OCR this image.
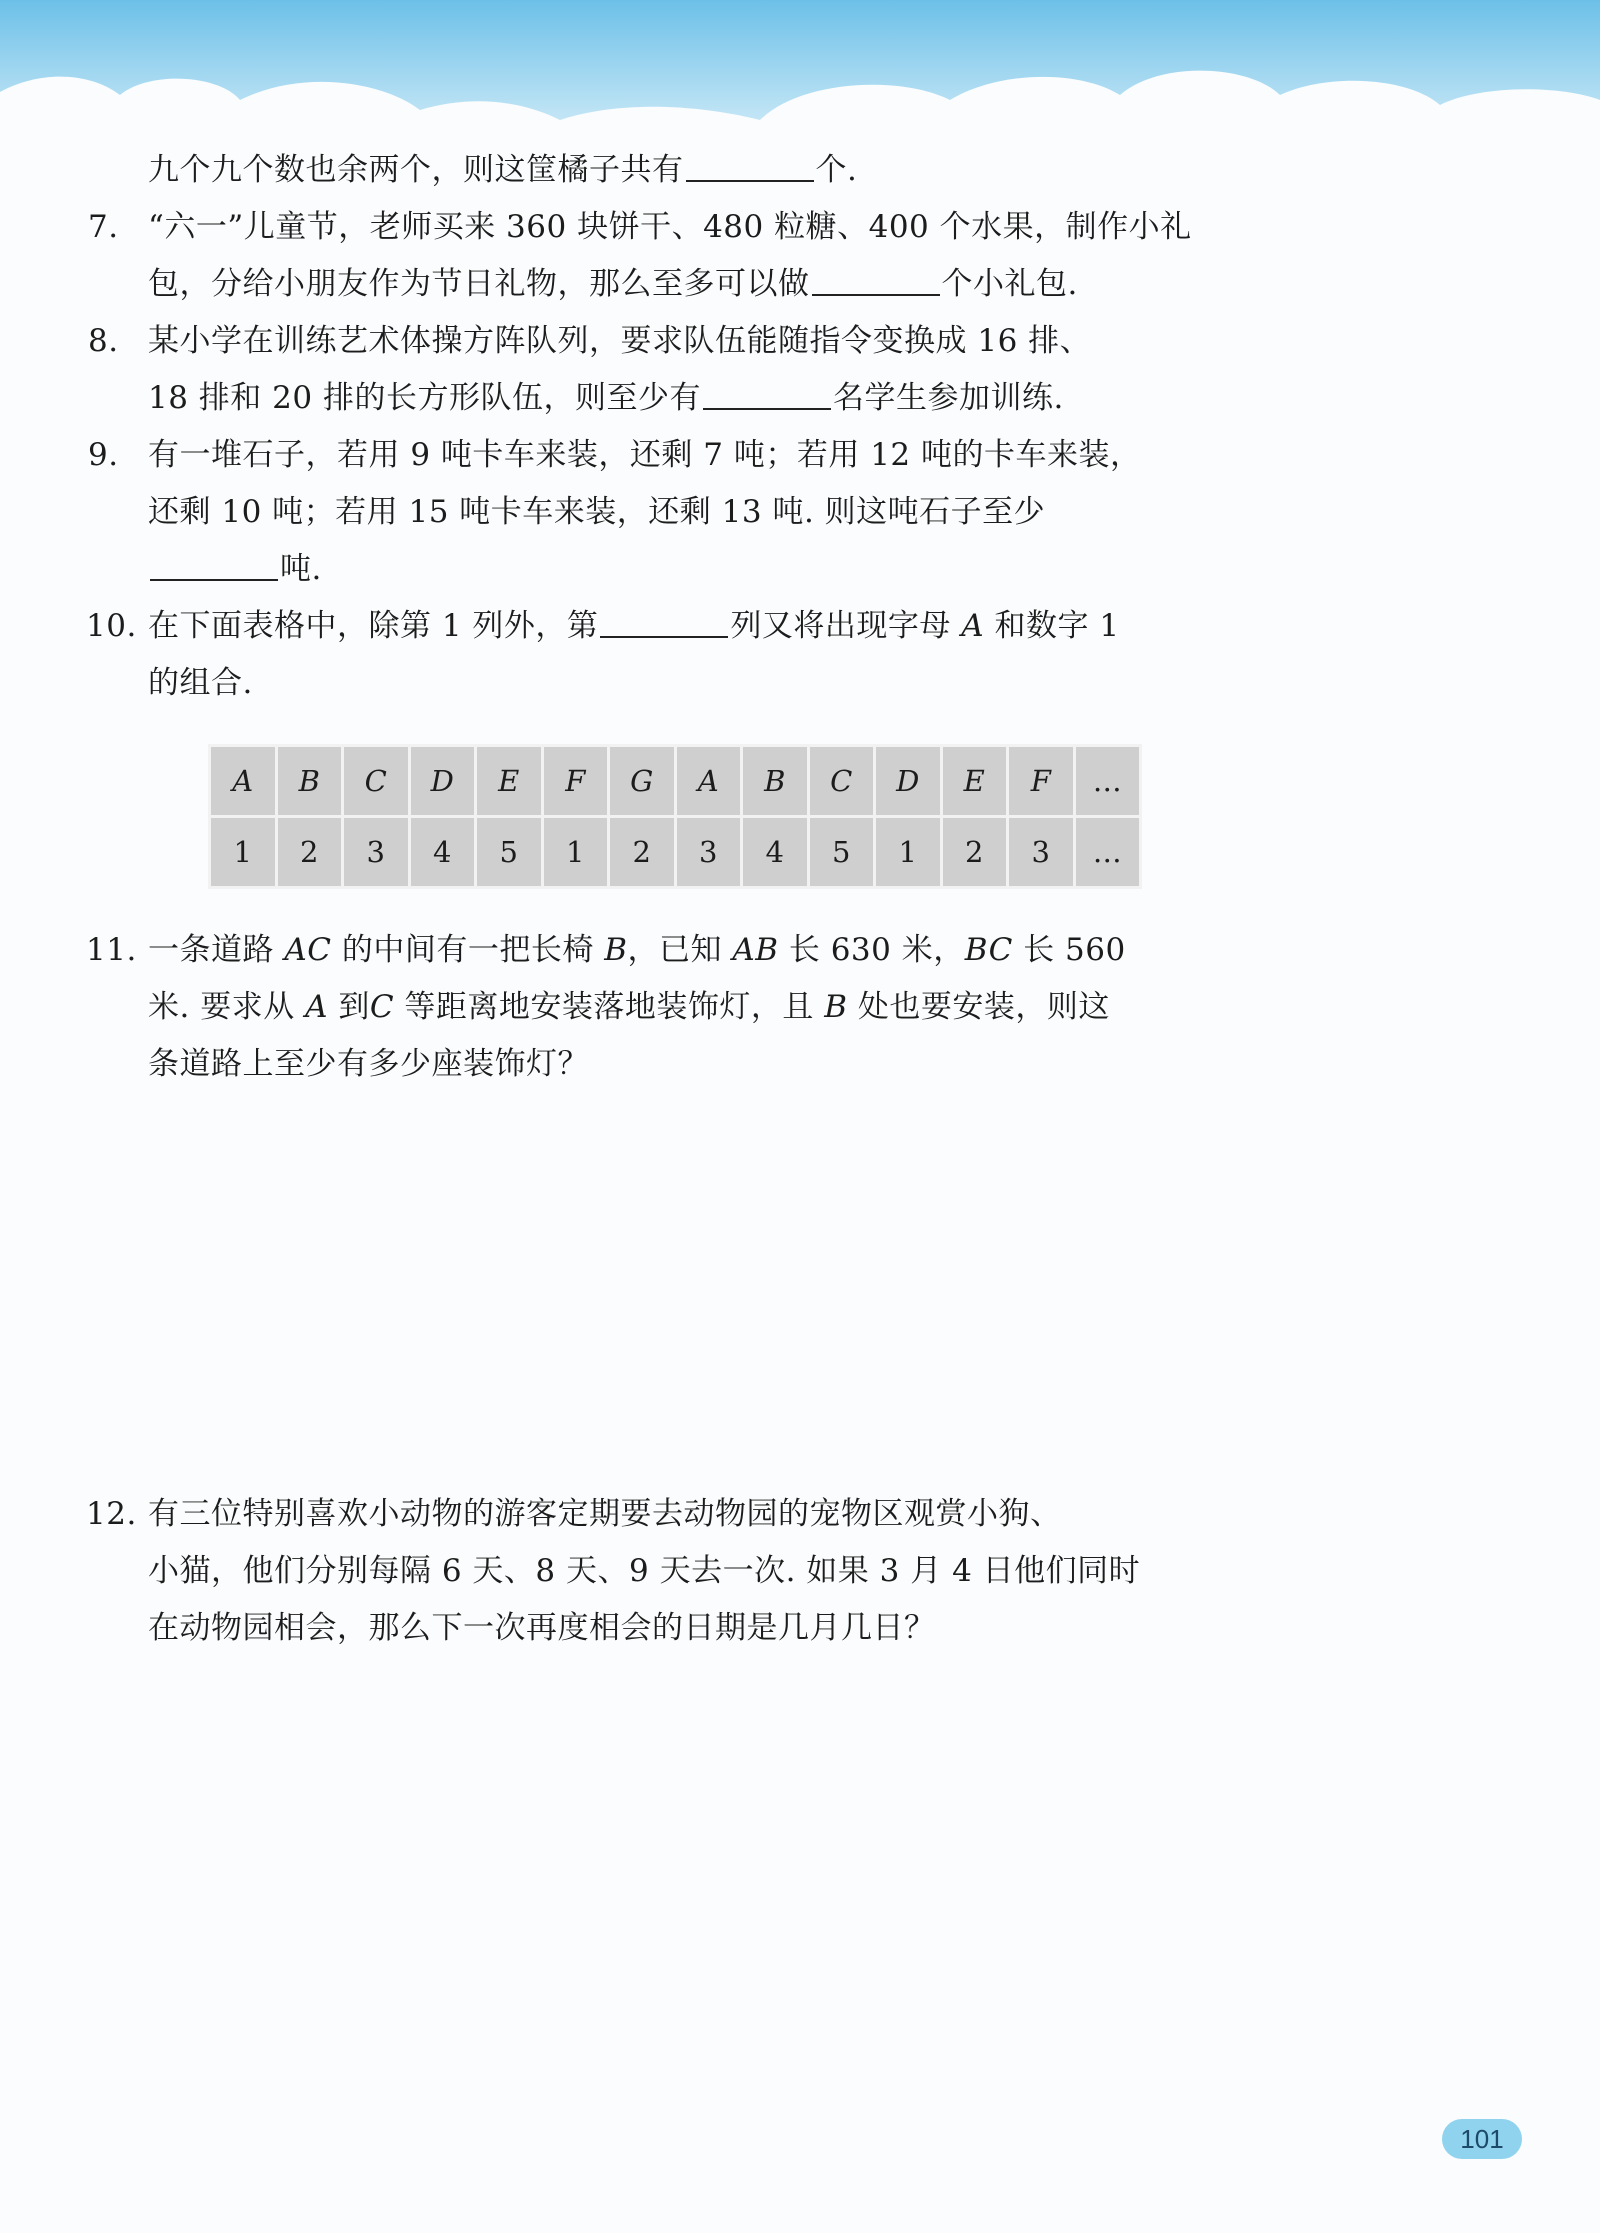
九个九个数也余两个，则这筐橘子共有	个.
7. “六一”儿童节，老师买来 360 块饼干、480 粒糖、400 个水果，制作小礼
包，分给小朋友作为节日礼物，那么至多可以做	个小礼包.
8. 某小学在训练艺术体操方阵队列，要求队伍能随指令变换成 16 排、
18 排和 20 排的长方形队伍，则至少有	名学生参加训练.
9. 有一堆石子，若用 9 吨卡车来装，还剩 7 吨；若用 12 吨的卡车来装，
还剩 10 吨；若用 15 吨卡车来装，还剩 13 吨. 则这吨石子至少
吨.
10. 在下面表格中，除第 1 列外，第	列又将出现字母 A 和数字 1
的组合.
A	B	C	D	E	F	G	A	B	C	D	E	F	…
1	2	3	4	5	1	2	3	4	5	1	2	3	…
11. 一条道路 AC 的中间有一把长椅 B，已知 AB 长 630 米，BC 长 560
米. 要求从 A 到C 等距离地安装落地装饰灯，且 B 处也要安装，则这
条道路上至少有多少座装饰灯？
12. 有三位特别喜欢小动物的游客定期要去动物园的宠物区观赏小狗、
小猫，他们分别每隔 6 天、8 天、9 天去一次. 如果 3 月 4 日他们同时
在动物园相会，那么下一次再度相会的日期是几月几日？
101
